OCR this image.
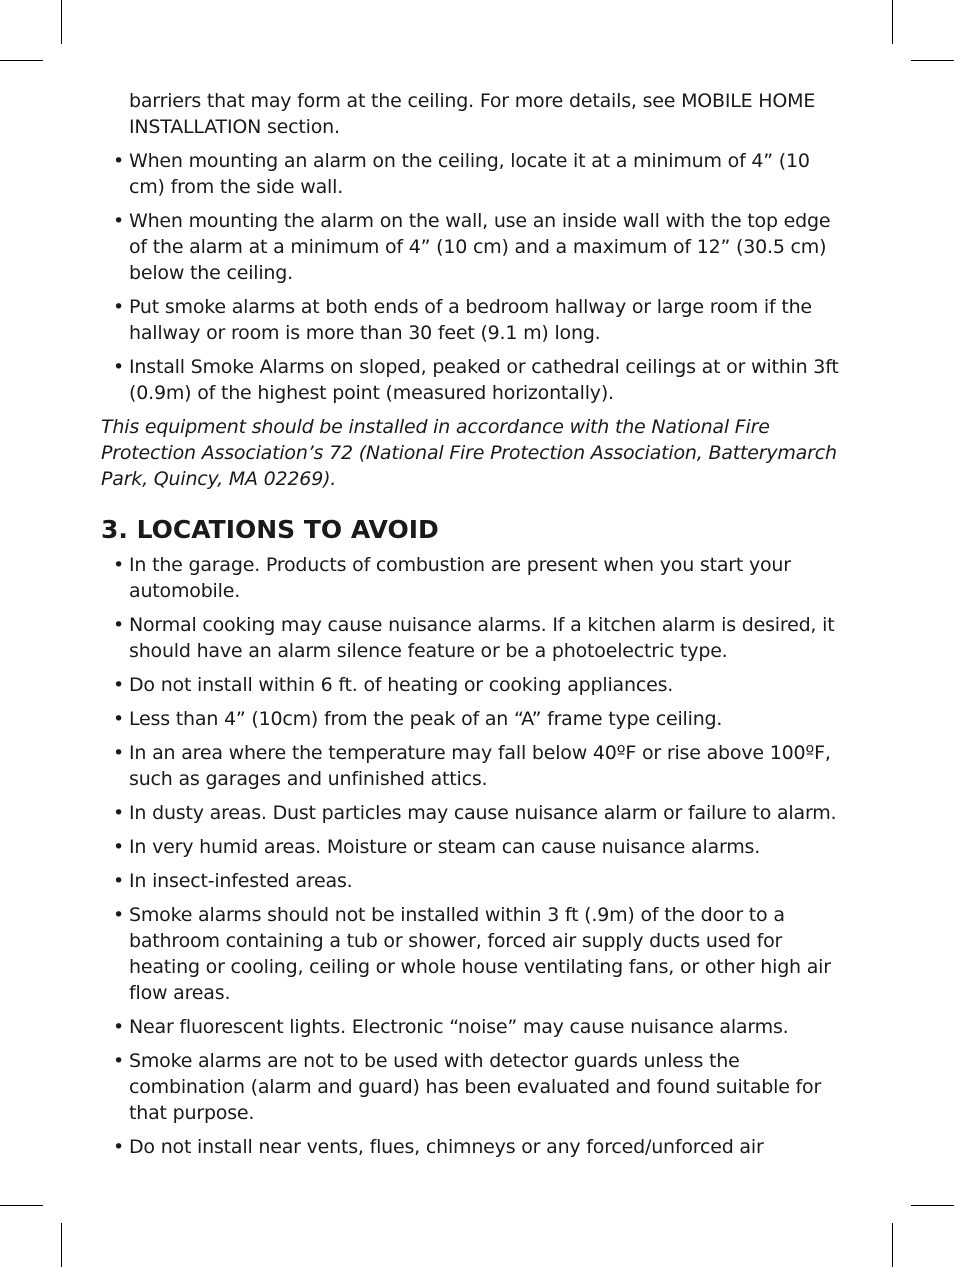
barriers that may form at the ceiling. For more details, see MOBILE HOME INSTALLATION section.

• When mounting an alarm on the ceiling, locate it at a minimum of 4” (10 cm) from the side wall.
• When mounting the alarm on the wall, use an inside wall with the top edge of the alarm at a minimum of 4” (10 cm) and a maximum of 12” (30.5 cm) below the ceiling.
• Put smoke alarms at both ends of a bedroom hallway or large room if the hallway or room is more than 30 feet (9.1 m) long.
• Install Smoke Alarms on sloped, peaked or cathedral ceilings at or within 3ft (0.9m) of the highest point (measured horizontally).

This equipment should be installed in accordance with the National Fire Protection Association’s 72 (National Fire Protection Association, Batterymarch Park, Quincy, MA 02269).

3. LOCATIONS TO AVOID
• In the garage. Products of combustion are present when you start your automobile.
• Normal cooking may cause nuisance alarms. If a kitchen alarm is desired, it should have an alarm silence feature or be a photoelectric type.
• Do not install within 6 ft. of heating or cooking appliances.
• Less than 4” (10cm) from the peak of an “A” frame type ceiling.
• In an area where the temperature may fall below 40ºF or rise above 100ºF, such as garages and unfinished attics.
• In dusty areas. Dust particles may cause nuisance alarm or failure to alarm.
• In very humid areas. Moisture or steam can cause nuisance alarms.
• In insect-infested areas.
• Smoke alarms should not be installed within 3 ft (.9m) of the door to a bathroom containing a tub or shower, forced air supply ducts used for heating or cooling, ceiling or whole house ventilating fans, or other high air flow areas.
• Near fluorescent lights. Electronic “noise” may cause nuisance alarms.
• Smoke alarms are not to be used with detector guards unless the combination (alarm and guard) has been evaluated and found suitable for that purpose.
• Do not install near vents, flues, chimneys or any forced/unforced air
